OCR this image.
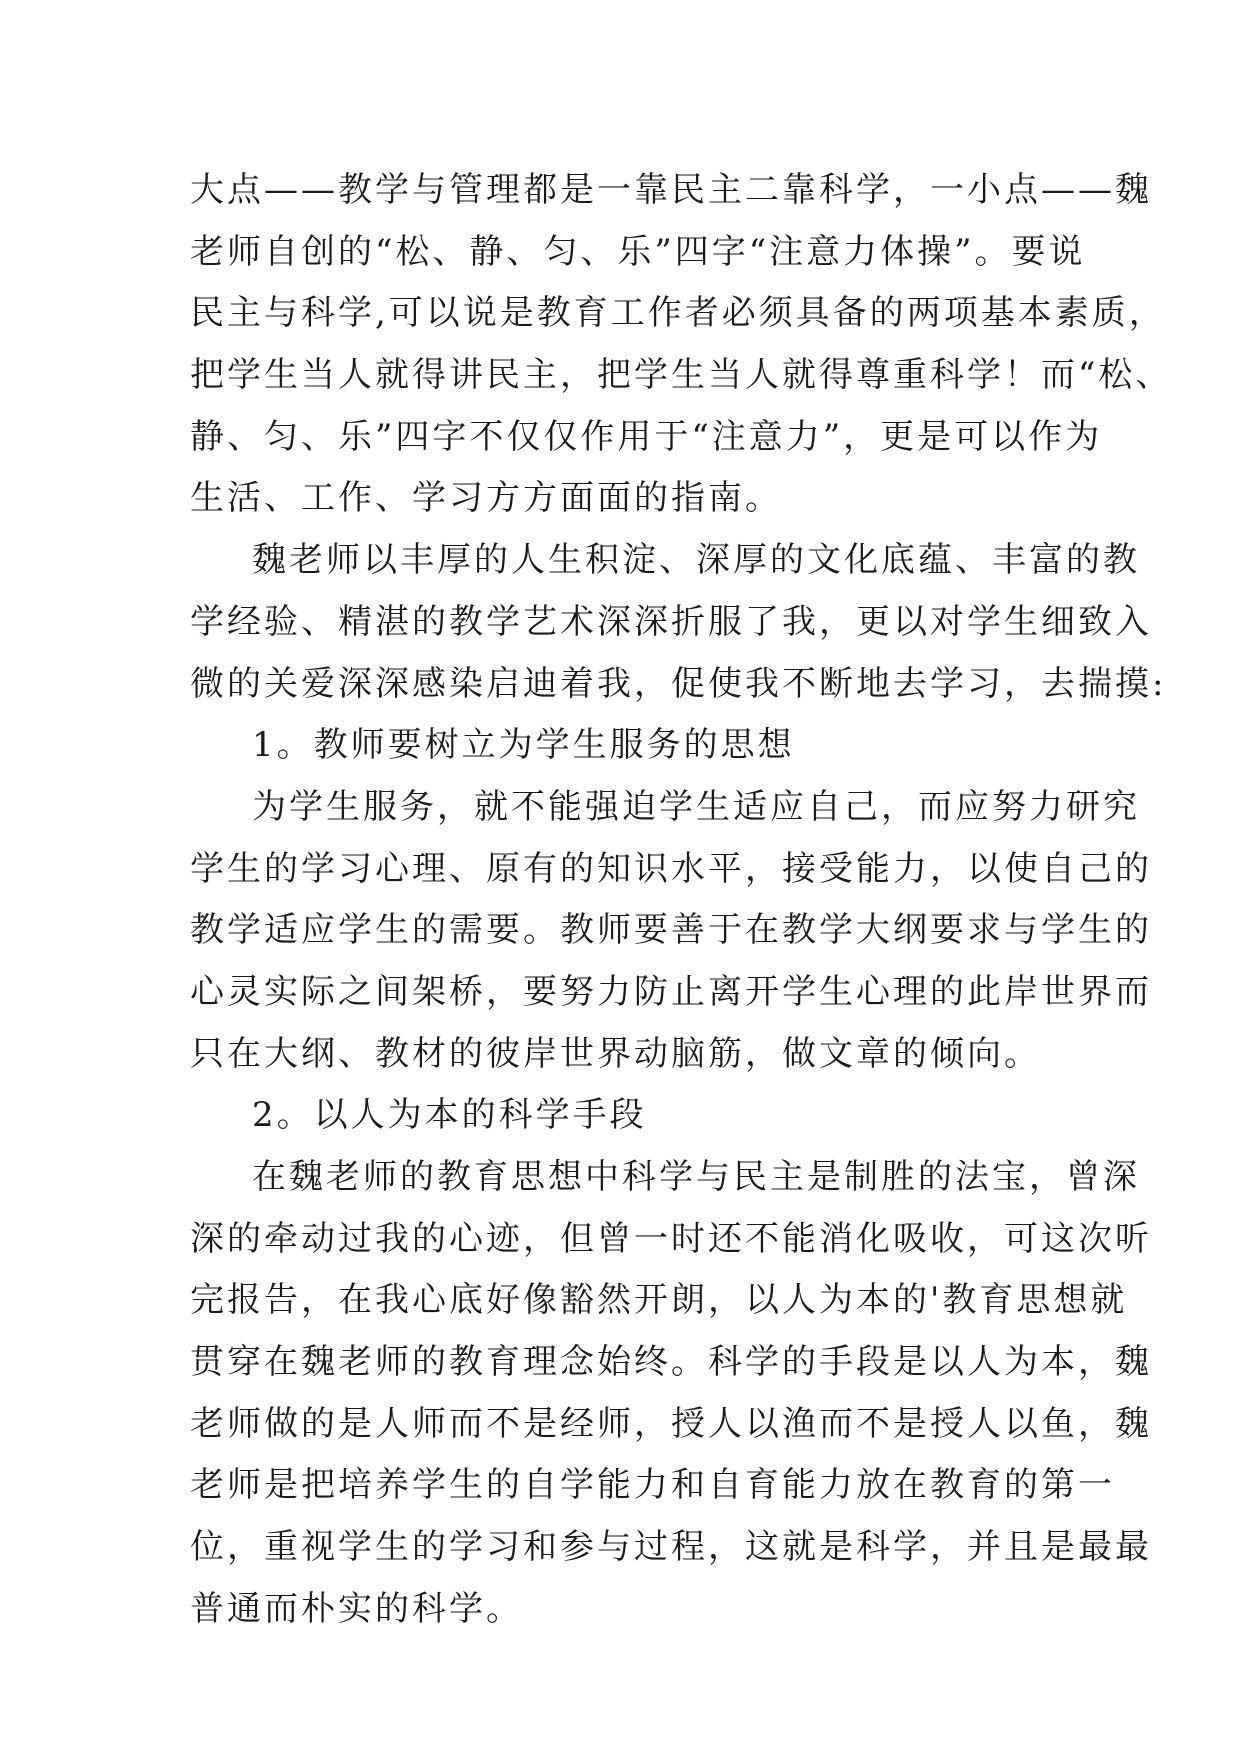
大点——教学与管理都是一靠民主二靠科学，一小点——魏
老师自创的“松、静、匀、乐”四字“注意力体操”。要说
民主与科学,可以说是教育工作者必须具备的两项基本素质，
把学生当人就得讲民主，把学生当人就得尊重科学！而“松、
静、匀、乐”四字不仅仅作用于“注意力”，更是可以作为
生活、工作、学习方方面面的指南。
魏老师以丰厚的人生积淀、深厚的文化底蕴、丰富的教
学经验、精湛的教学艺术深深折服了我，更以对学生细致入
微的关爱深深感染启迪着我，促使我不断地去学习，去揣摸:
1。教师要树立为学生服务的思想
为学生服务，就不能强迫学生适应自己，而应努力研究
学生的学习心理、原有的知识水平，接受能力，以使自己的
教学适应学生的需要。教师要善于在教学大纲要求与学生的
心灵实际之间架桥，要努力防止离开学生心理的此岸世界而
只在大纲、教材的彼岸世界动脑筋，做文章的倾向。
2。以人为本的科学手段
在魏老师的教育思想中科学与民主是制胜的法宝，曾深
深的牵动过我的心迹，但曾一时还不能消化吸收，可这次听
完报告，在我心底好像豁然开朗，以人为本的'教育思想就
贯穿在魏老师的教育理念始终。科学的手段是以人为本，魏
老师做的是人师而不是经师，授人以渔而不是授人以鱼，魏
老师是把培养学生的自学能力和自育能力放在教育的第一
位，重视学生的学习和参与过程，这就是科学，并且是最最
普通而朴实的科学。
